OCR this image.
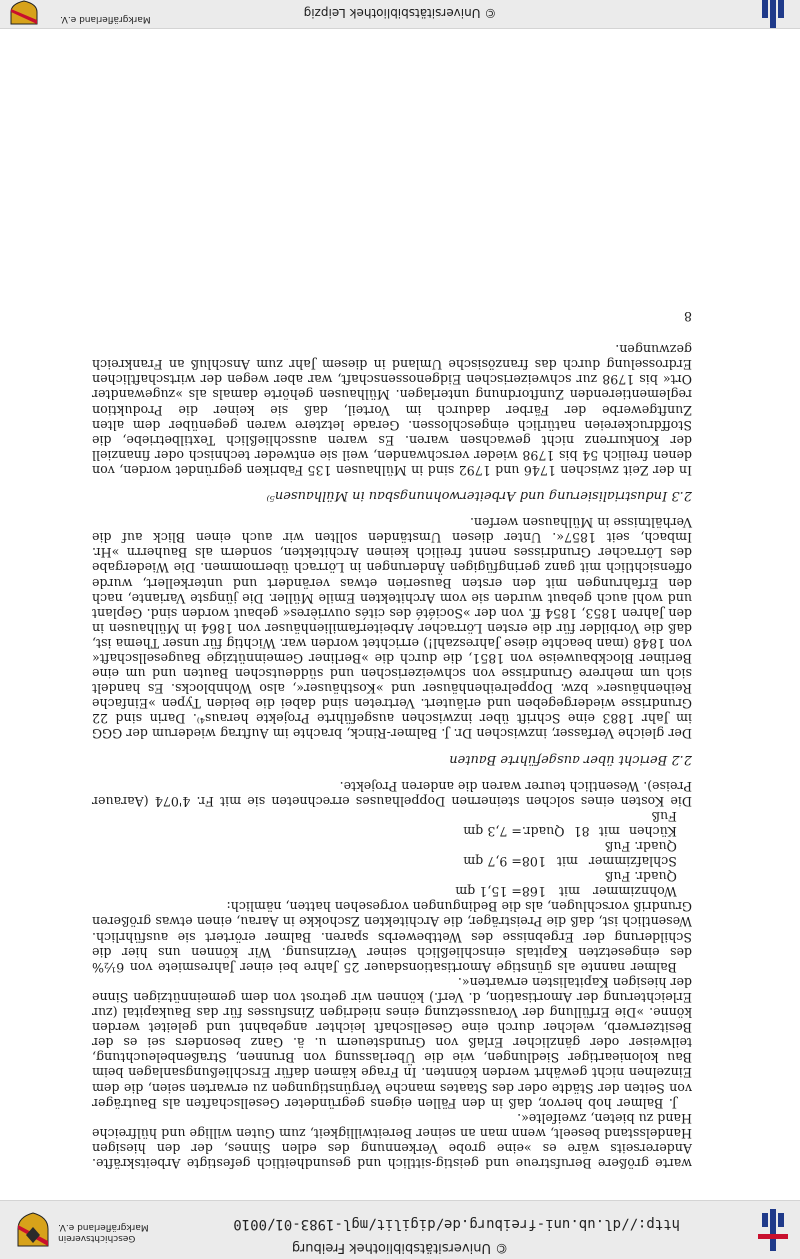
© Universitätsbibliothek Freiburg
http://dl.ub.uni-freiburg.de/digilit/mgl-1983-01/0010
Geschichtsverein
Markgräflerland e.V.

warte größere Berufstreue und geistig-sittlich und gesundheitlich gefestigte Arbeitskräfte. Andererseits wäre es »eine grobe Verkennung des edlen Sinnes, der den hiesigen Handelsstand beseelt, wenn man an seiner Bereitwilligkeit, zum Guten willige und hülfreiche Hand zu bieten, zweifelte«.

J. Balmer hob hervor, daß in den Fällen eigens gegründeter Gesellschaften als Bauträger von Seiten der Städte oder des Staates manche Vergünstigungen zu erwarten seien, die dem Einzelnen nicht gewährt werden könnten. In Frage kämen dafür Erschließungsanlagen beim Bau kolonieartiger Siedlungen, wie die Überlassung von Brunnen, Straßenbeleuchtung, teilweiser oder gänzlicher Erlaß von Grundsteuern u. ä. Ganz besonders sei es der Besitzerwerb, welcher durch eine Gesellschaft leichter angebahnt und geleitet werden könne. »Die Erfüllung der Voraussetzung eines niedrigen Zinsfusses für das Baukapital (zur Erleichterung der Amortisation, d. Verf.) können wir getrost von dem gemeinnützigen Sinne der hiesigen Kapitalisten erwarten«.

Balmer nannte als günstige Amortisationsdauer 25 Jahre bei einer Jahresmiete von 6½% des eingesetzten Kapitals einschließlich seiner Verzinsung. Wir können uns hier die Schilderung der Ergebnisse des Wettbewerbs sparen. Balmer erörtert sie ausführlich. Wesentlich ist, daß die Preisträger, die Architekten Zschokke in Aarau, einen etwas größeren Grundriß vorschlugen, als die Bedingungen vorgesehen hatten, nämlich:

Wohnzimmer mit 168 Quadr. Fuß
= 15,1 qm
Schlafzimmer mit 108 Quadr. Fuß
= 9,7 qm
Küchen mit 81 Quadr. Fuß
= 7,3 qm

Die Kosten eines solchen steinernen Doppelhauses errechneten sie mit Fr. 4'074 (Aarauer Preise). Wesentlich teurer waren die anderen Projekte.

2.2 Bericht über ausgeführte Bauten

Der gleiche Verfasser, inzwischen Dr. J. Balmer-Rinck, brachte im Auftrag wiederum der GGG im Jahr 1883 eine Schrift über inzwischen ausgeführte Projekte heraus⁴⁾. Darin sind 22 Grundrisse wiedergegeben und erläutert. Vertreten sind dabei die beiden Typen »Einfache Reihenhäuser« bzw. Doppelreihenhäuser und »Kosthäuser«, also Wohnblocks. Es handelt sich um mehrere Grundrisse von schweizerischen und süddeutschen Bauten und um eine Berliner Blockbauweise von 1851, die durch die »Berliner Gemeinnützige Baugesellschaft« von 1848 (man beachte diese Jahreszahl!) errichtet worden war. Wichtig für unser Thema ist, daß die Vorbilder für die ersten Lörracher Arbeiterfamilienhäuser von 1864 in Mülhausen in den Jahren 1853, 1854 ff. von der »Société des cités ouvrières« gebaut worden sind. Geplant und wohl auch gebaut wurden sie vom Architekten Emile Müller. Die jüngste Variante, nach den Erfahrungen mit den ersten Bauserien etwas verändert und unterkellert, wurde offensichtlich mit ganz geringfügigen Änderungen in Lörrach übernommen. Die Wiedergabe des Lörracher Grundrisses nennt freilich keinen Architekten, sondern als Bauherrn »Hr. Imbach, seit 1857«. Unter diesen Umständen sollten wir auch einen Blick auf die Verhältnisse in Mülhausen werfen.

2.3 Industrialisierung und Arbeiterwohnungsbau in Mülhausen⁵⁾

In der Zeit zwischen 1746 und 1792 sind in Mülhausen 135 Fabriken gegründet worden, von denen freilich 54 bis 1798 wieder verschwanden, weil sie entweder technisch oder finanziell der Konkurrenz nicht gewachsen waren. Es waren ausschließlich Textilbetriebe, die Stoffdruckereien natürlich eingeschlossen. Gerade letztere waren gegenüber dem alten Zunftgewerbe der Färber dadurch im Vorteil, daß sie keiner die Produktion reglementierenden Zunftordnung unterlagen. Mülhausen gehörte damals als »zugewandter Ort« bis 1798 zur schweizerischen Eidgenossenschaft, war aber wegen der wirtschaftlichen Erdrosselung durch das französische Umland in diesem Jahr zum Anschluß an Frankreich gezwungen.

8
© Universitätsbibliothek Leipzig
Markgräflerland e.V.
